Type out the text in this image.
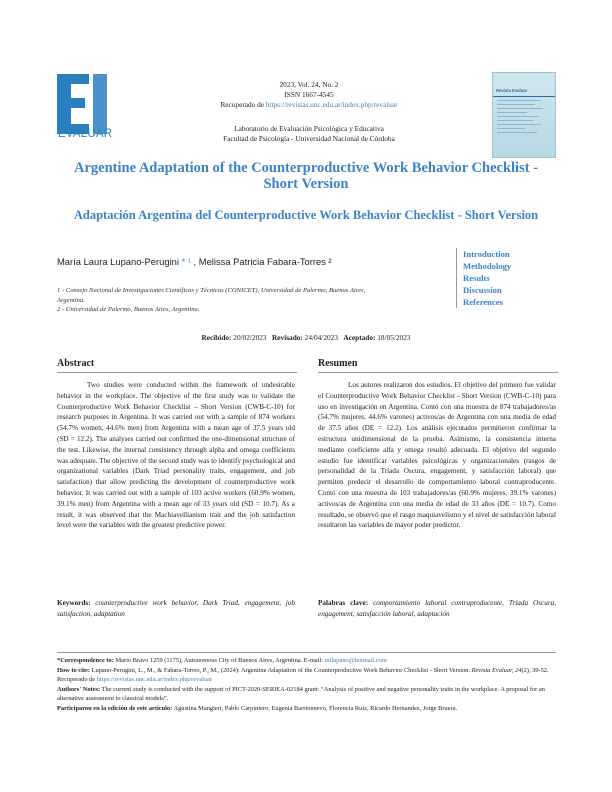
EVALUAR
2023, Vol. 24, No. 2
ISSN 1667-4545
Recuperado de https://revistas.unc.edu.ar/index.php/revaluar
Laboratorio de Evaluación Psicológica y Educativa
Facultad de Psicología - Universidad Nacional de Córdoba
Revista Evaluar
Argentine Adaptation of the Counterproductive Work Behavior Checklist - Short Version
Adaptación Argentina del Counterproductive Work Behavior Checklist - Short Version
María Laura Lupano-Perugini * ¹ , Melissa Patricia Fabara-Torres ²
1 - Consejo Nacional de Investigaciones Científicas y Técnicas (CONICET), Universidad de Palermo, Buenos Aires, Argentina.
2 - Universidad de Palermo, Buenos Aires, Argentina.
Introduction
Methodology
Results
Discussion
References
Recibido: 20/02/2023 Revisado: 24/04/2023 Aceptado: 18/05/2023
Abstract	Resumen
Two studies were conducted within the framework of undesirable behavior in the workplace. The objective of the first study was to validate the Counterproductive Work Behavior Checklist – Short Version (CWB-C-10) for research purposes in Argentina. It was carried out with a sample of 874 workers (54.7% women, 44.6% men) from Argentina with a mean age of 37.5 years old (SD = 12.2). The analyses carried out confirmed the one-dimensional structure of the test. Likewise, the internal consistency through alpha and omega coefficients was adequate. The objective of the second study was to identify psychological and organizational variables (Dark Triad personality traits, engagement, and job satisfaction) that allow predicting the development of counterproductive work behavior. It was carried out with a sample of 103 active workers (60.9% women, 39.1% men) from Argentina with a mean age of 33 years old (SD = 10.7). As a result, it was observed that the Machiavellianism trait and the job satisfaction level were the variables with the greatest predictive power.
Los autores realizaron dos estudios. El objetivo del primero fue validar el Counterproductive Work Behavior Checklist - Short Version (CWB-C-10) para uso en investigación en Argentina. Contó con una muestra de 874 trabajadores/as (54.7% mujeres, 44.6% varones) activos/as de Argentina con una media de edad de 37.5 años (DE = 12.2). Los análisis ejecutados permitieron confirmar la estructura unidimensional de la prueba. Asimismo, la consistencia interna mediante coeficiente alfa y omega resultó adecuada. El objetivo del segundo estudio fue identificar variables psicológicas y organizacionales (rasgos de personalidad de la Tríada Oscura, engagement, y satisfacción laboral) que permiten predecir el desarrollo de comportamiento laboral contraproducente. Contó con una muestra de 103 trabajadores/as (60.9% mujeres, 39.1% varones) activos/as de Argentina con una media de edad de 33 años (DE = 10.7). Como resultado, se observó que el rasgo maquiavelismo y el nivel de satisfacción laboral resultaron las variables de mayor poder predictor.
Keywords: counterproductive work behavior, Dark Triad, engagement, job satisfaction, adaptation
Palabras clave: comportamiento laboral contraproducente, Tríada Oscura, engagement, satisfacción laboral, adaptación

*Correspondence to: Mario Bravo 1259 (1175), Autonomous City of Buenos Aires, Argentina. E-mail: mllupano@hotmail.com

How to cite: Lupano-Perugini, L., M., & Fabara-Torres, P., M., (2024): Argentine Adaptation of the Counterproductive Work Behavior Checklist - Short Version. Revista Evaluar, 24(2), 39-52. Recuperado de https://revistas.unc.edu.ar/index.php/revaluar

Authors' Notes: The current study is conducted with the support of PICT-2020-SERIEA-02184 grant: “Analysis of positive and negative personality traits in the workplace. A proposal for an alternative assessment to classical models”.

Participaron en la edición de este artículo: Agustina Mangieri, Pablo Carpintero, Eugenia Barrionuevo, Florencia Ruiz, Ricardo Hernandez, Jorge Bruera.
